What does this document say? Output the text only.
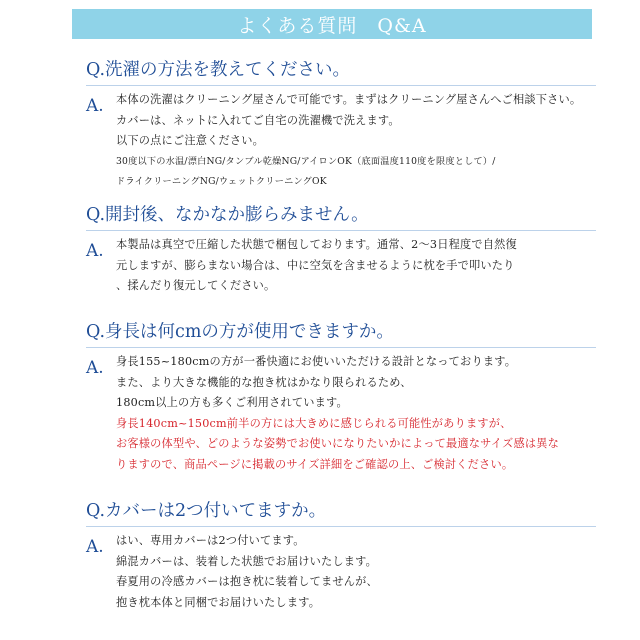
よくある質問　Q&A
Q.洗濯の方法を教えてください。
A. 本体の洗濯はクリーニング屋さんで可能です。まずはクリーニング屋さんへご相談下さい。
カバーは、ネットに入れてご自宅の洗濯機で洗えます。
以下の点にご注意ください。
30度以下の水温/漂白NG/タンブル乾燥NG/アイロンOK（底面温度110度を限度として）/
ドライクリーニングNG/ウェットクリーニングOK
Q.開封後、なかなか膨らみません。
A. 本製品は真空で圧縮した状態で梱包しております。通常、2～3日程度で自然復
元しますが、膨らまない場合は、中に空気を含ませるように枕を手で叩いたり
、揉んだり復元してください。
Q.身長は何cmの方が使用できますか。
A. 身長155~180cmの方が一番快適にお使いいただける設計となっております。
また、より大きな機能的な抱き枕はかなり限られるため、
180cm以上の方も多くご利用されています。
身長140cm~150cm前半の方には大きめに感じられる可能性がありますが、
お客様の体型や、どのような姿勢でお使いになりたいかによって最適なサイズ感は異な
りますので、商品ページに掲載のサイズ詳細をご確認の上、ご検討ください。
Q.カバーは2つ付いてますか。
A. はい、専用カバーは2つ付いてます。
綿混カバーは、装着した状態でお届けいたします。
春夏用の冷感カバーは抱き枕に装着してませんが、
抱き枕本体と同梱でお届けいたします。
